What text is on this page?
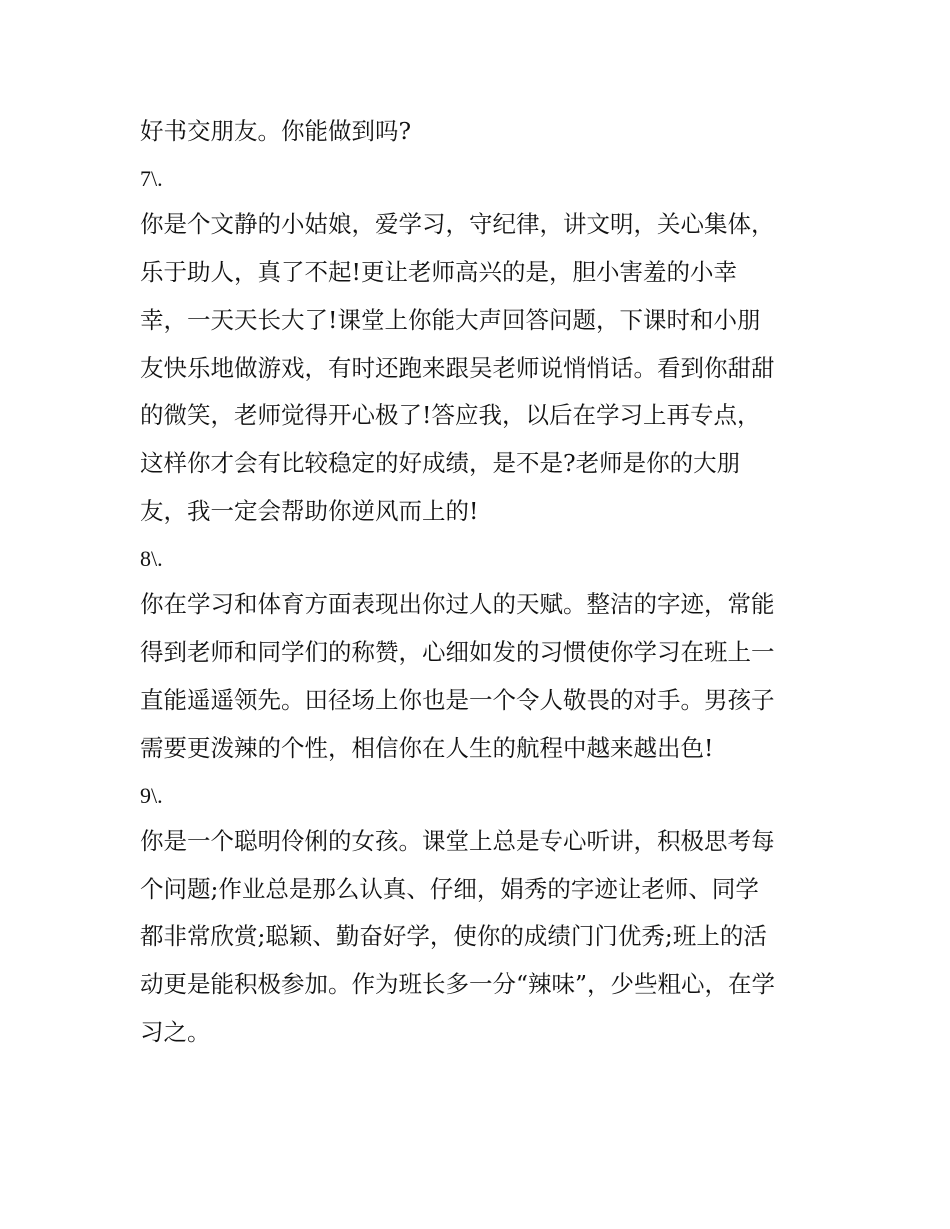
好书交朋友。你能做到吗?
7\.
你是个文静的小姑娘，爱学习，守纪律，讲文明，关心集体，
乐于助人，真了不起!更让老师高兴的是，胆小害羞的小幸
幸，一天天长大了!课堂上你能大声回答问题，下课时和小朋
友快乐地做游戏，有时还跑来跟吴老师说悄悄话。看到你甜甜
的微笑，老师觉得开心极了!答应我，以后在学习上再专点，
这样你才会有比较稳定的好成绩，是不是?老师是你的大朋
友，我一定会帮助你逆风而上的!
8\.
你在学习和体育方面表现出你过人的天赋。整洁的字迹，常能
得到老师和同学们的称赞，心细如发的习惯使你学习在班上一
直能遥遥领先。田径场上你也是一个令人敬畏的对手。男孩子
需要更泼辣的个性，相信你在人生的航程中越来越出色!
9\.
你是一个聪明伶俐的女孩。课堂上总是专心听讲，积极思考每
个问题;作业总是那么认真、仔细，娟秀的字迹让老师、同学
都非常欣赏;聪颖、勤奋好学，使你的成绩门门优秀;班上的活
动更是能积极参加。作为班长多一分“辣味”，少些粗心，在学
习之。
